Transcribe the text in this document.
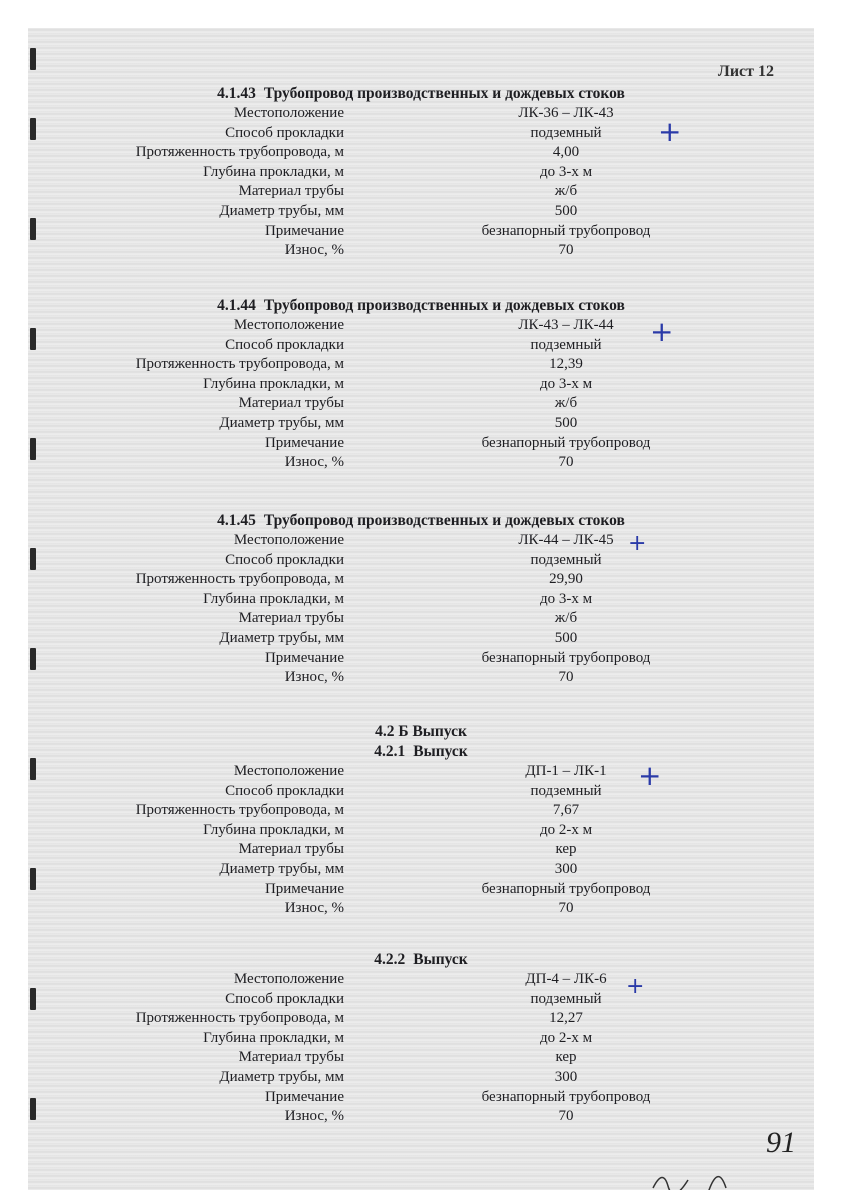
Лист 12
4.1.43 Трубопровод производственных и дождевых стоков
Местоположение	ЛК-36 – ЛК-43
Способ прокладки	подземный
Протяженность трубопровода, м	4,00
Глубина прокладки, м	до 3-х м
Материал трубы	ж/б
Диаметр трубы, мм	500
Примечание	безнапорный трубопровод
Износ, %	70
+
4.1.44 Трубопровод производственных и дождевых стоков
Местоположение	ЛК-43 – ЛК-44
Способ прокладки	подземный
Протяженность трубопровода, м	12,39
Глубина прокладки, м	до 3-х м
Материал трубы	ж/б
Диаметр трубы, мм	500
Примечание	безнапорный трубопровод
Износ, %	70
+
4.1.45 Трубопровод производственных и дождевых стоков
Местоположение	ЛК-44 – ЛК-45
Способ прокладки	подземный
Протяженность трубопровода, м	29,90
Глубина прокладки, м	до 3-х м
Материал трубы	ж/б
Диаметр трубы, мм	500
Примечание	безнапорный трубопровод
Износ, %	70
+
4.2 Б Выпуск
4.2.1 Выпуск
Местоположение	ДП-1 – ЛК-1
Способ прокладки	подземный
Протяженность трубопровода, м	7,67
Глубина прокладки, м	до 2-х м
Материал трубы	кер
Диаметр трубы, мм	300
Примечание	безнапорный трубопровод
Износ, %	70
+
4.2.2 Выпуск
Местоположение	ДП-4 – ЛК-6
Способ прокладки	подземный
Протяженность трубопровода, м	12,27
Глубина прокладки, м	до 2-х м
Материал трубы	кер
Диаметр трубы, мм	300
Примечание	безнапорный трубопровод
Износ, %	70
+
91
